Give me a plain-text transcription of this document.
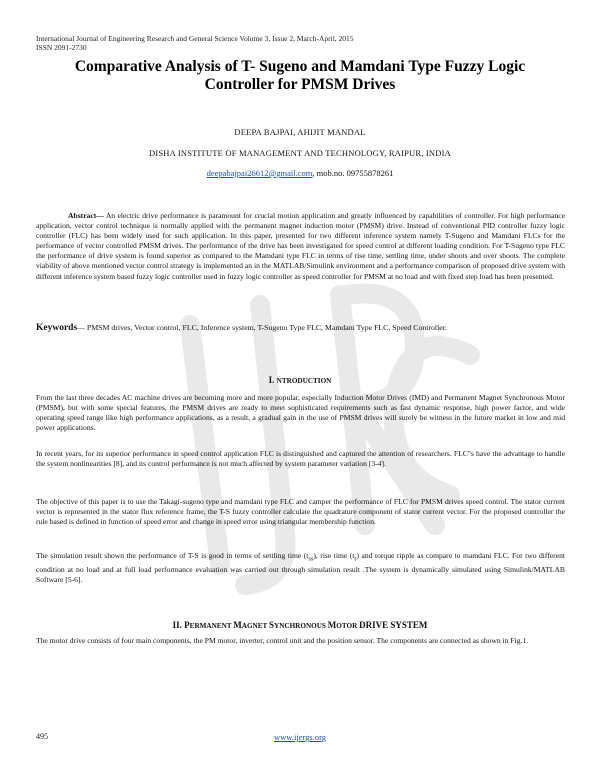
International Journal of Engineering Research and General Science Volume 3, Issue 2, March-April, 2015
ISSN 2091-2730
Comparative Analysis of T- Sugeno and Mamdani Type Fuzzy Logic
Controller for PMSM Drives
DEEPA BAJPAI, AHIJIT MANDAL
DISHA INSTITUTE OF MANAGEMENT AND TECHNOLOGY, RAIPUR, INDIA
deepabajpai26612@gmail.com, mob.no. 09755878261
Abstract— An electric drive performance is paramount for crucial motion application and greatly influenced by capabilities of controller. For high performance application, vector control technique is normally applied with the permanent magnet induction motor (PMSM) drive. Instead of conventional PID controller fuzzy logic controller (FLC) has been widely used for such application. In this paper, presented for two different inference system namely T-Sugeno and Mamdani FLCs for the performance of vector controlled PMSM drives. The performance of the drive has been investigated for speed control at different loading condition. For T-Sugeno type FLC the performance of drive system is found superior as compared to the Mamdani type FLC in terms of rise time, settling time, under shoots and over shoots. The complete viability of above mentioned vector control strategy is implemented an in the MATLAB/Simulink environment and a performance comparison of proposed drive system with different inference system based fuzzy logic controller used in fuzzy logic controller as speed controller for PMSM at no load and with fixed step load has been presented.
Keywords— PMSM drives, Vector control, FLC, Inference system, T-Sugeno Type FLC, Mamdani Type FLC, Speed Controller.
I. NTRODUCTION
From the last three decades AC machine drives are becoming more and more popular, especially Induction Motor Drives (IMD) and Permanent Magnet Synchronous Motor (PMSM), but with some special features, the PMSM drives are ready to meet sophisticated requirements such as fast dynamic response, high power factor, and wide operating speed range like high performance applications, as a result, a gradual gain in the use of PMSM drives will surely be witness in the future market in low and mid power applications.
In recent years, for its superior performance in speed control application FLC is distinguished and captured the attention of researchers. FLC"s have the advantage to handle the system nonlinearities [8], and its control performance is not much affected by system parameter variation [3-4].
The objective of this paper is to use the Takagi-sugeno type and mamdani type FLC and camper the performance of FLC for PMSM drives speed control. The stator current vector is represented in the stator flux reference frame, the T-S fuzzy controller calculate the quadrature component of stator current vector. For the proposed controller the rule based is defined in function of speed error and change in speed error using triangular membership function.
The simulation result shown the performance of T-S is good in terms of settling time $(t_{ss})$, rise time $(t_r)$ and torque ripple as compare to mamdani FLC. For two different condition at no load and at full load performance evaluation was carried out through simulation result .The system is dynamically simulated using Simulink/MATLAB Software [5-6].
II. PERMANENT MAGNET SYNCHRONOUS MOTOR DRIVE SYSTEM
The motor drive consists of four main components, the PM motor, inverter, control unit and the position sensor. The components are connected as shown in Fig.1.
495	www.ijergs.org
